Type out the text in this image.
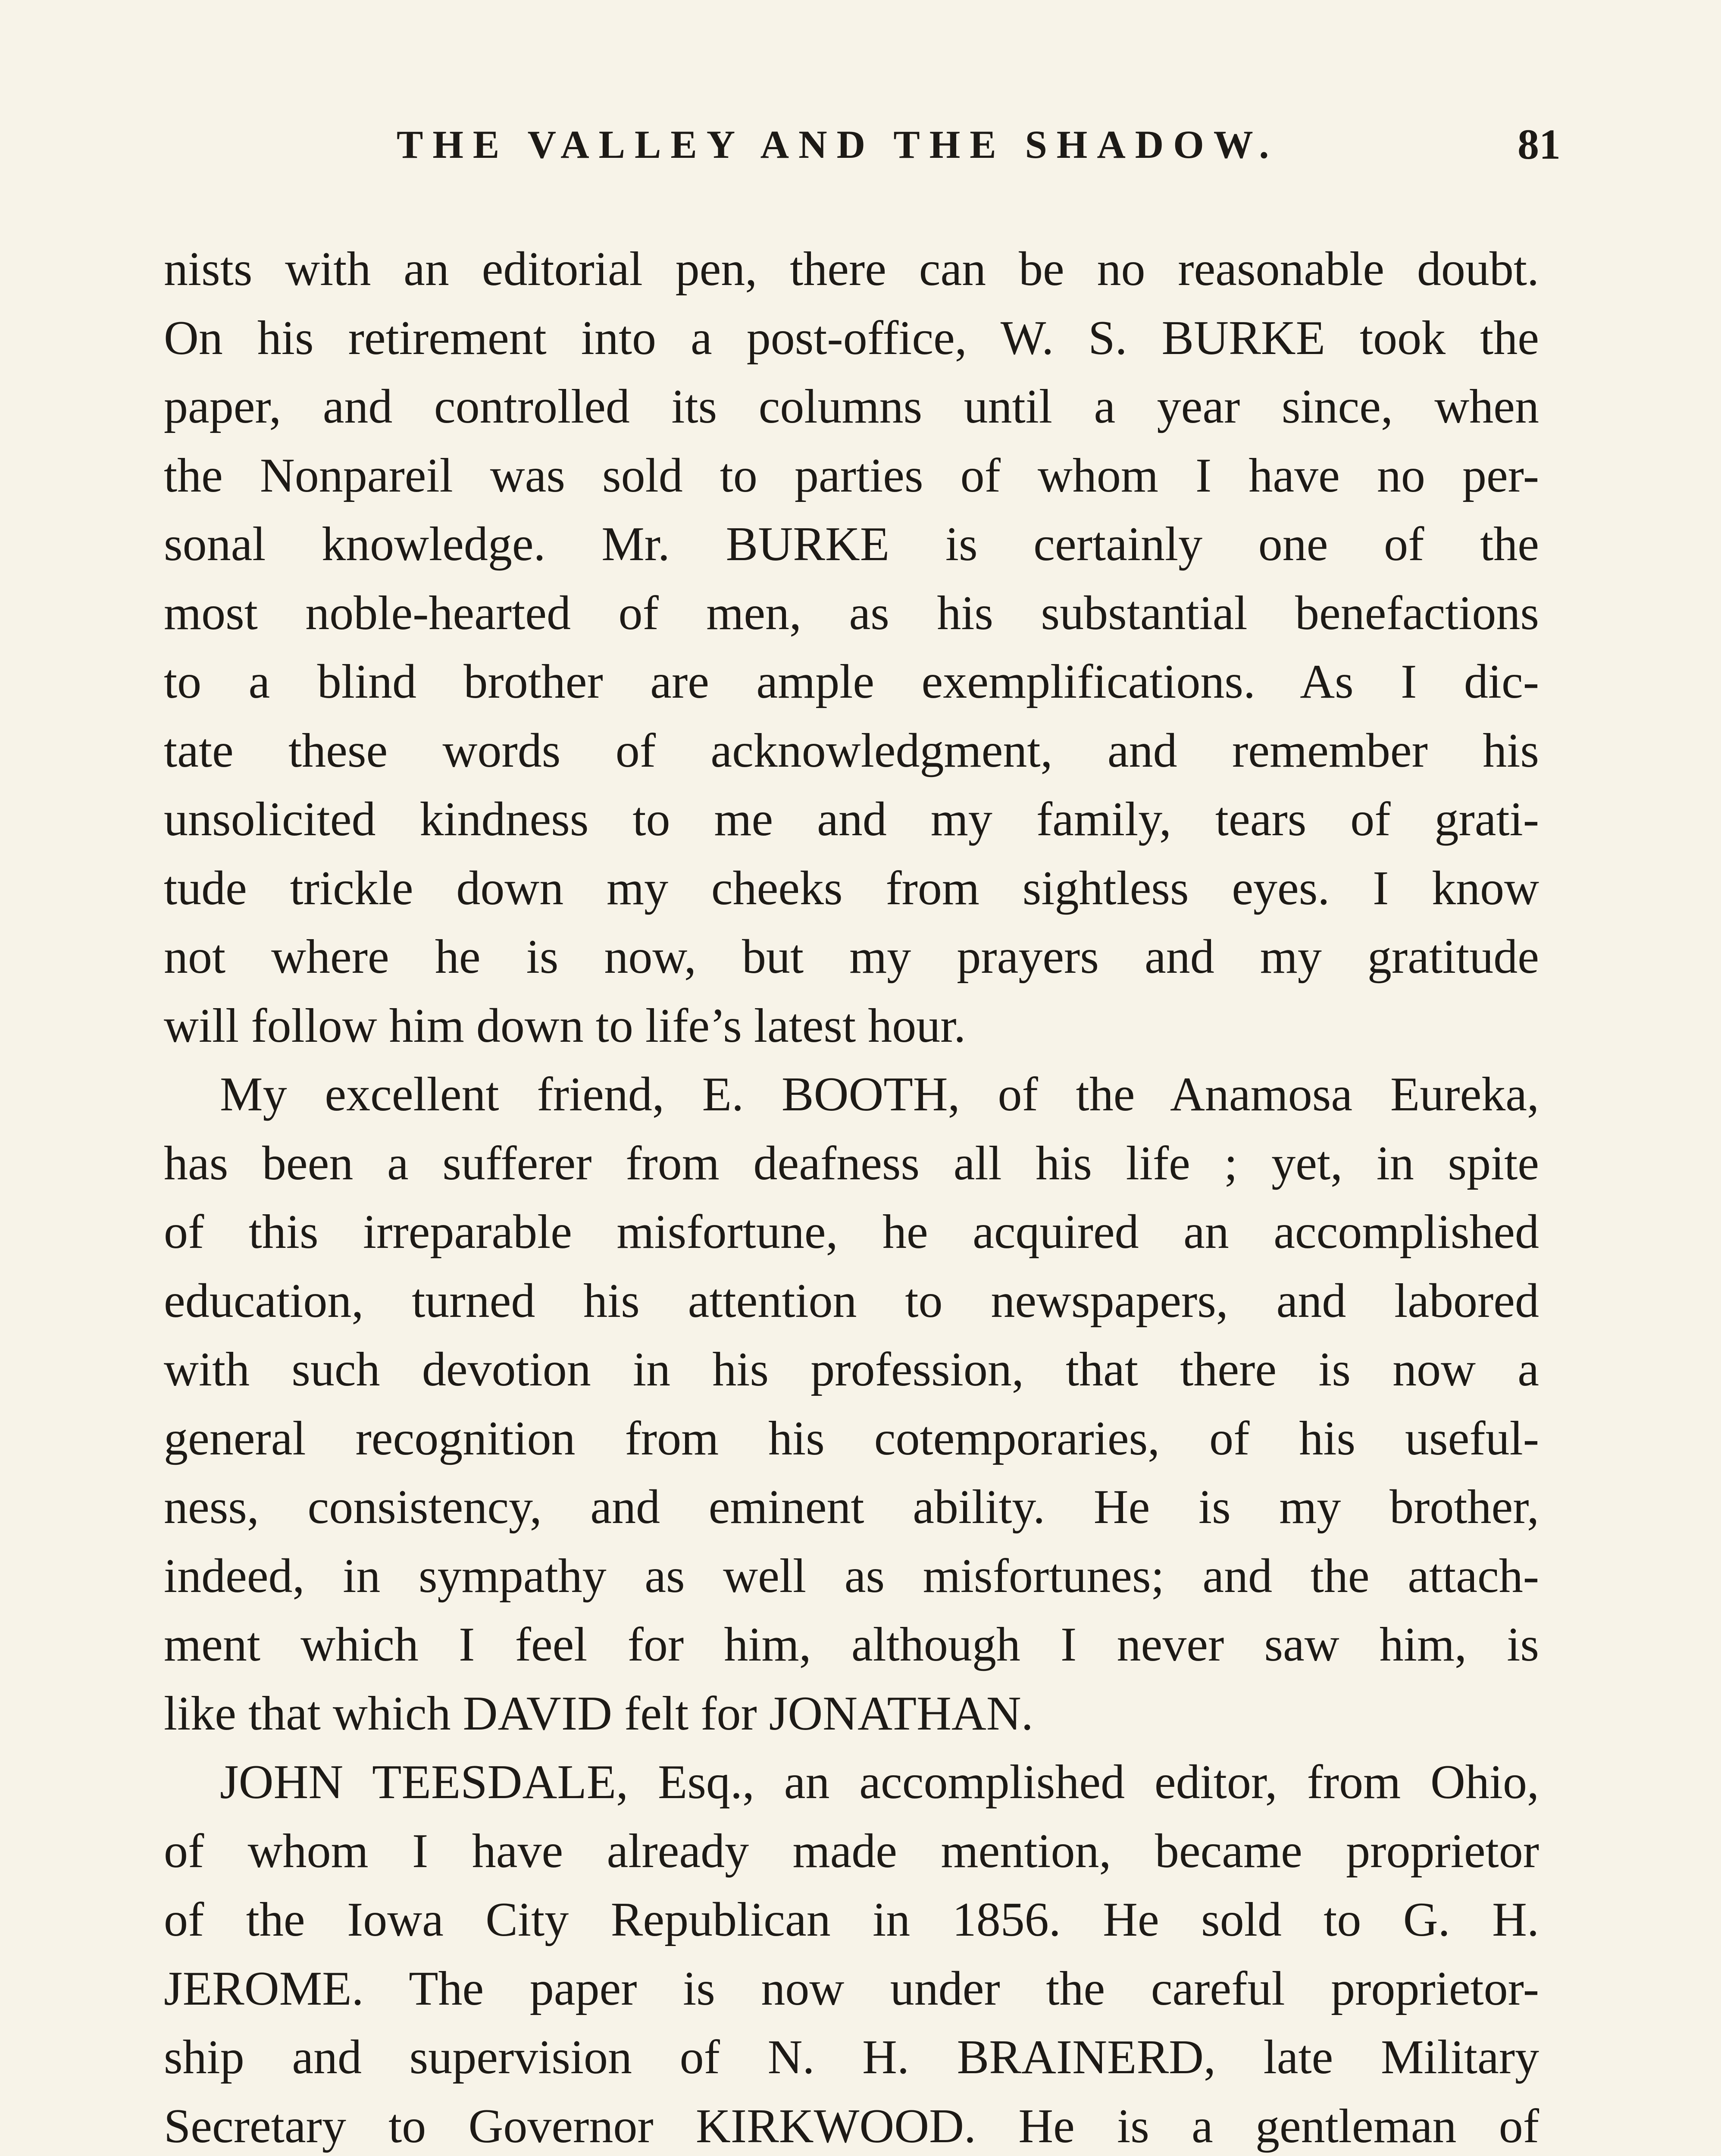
THE VALLEY AND THE SHADOW.	81
nists with an editorial pen, there can be no reasonable doubt.
On his retirement into a post-office, W. S. BURKE took the
paper, and controlled its columns until a year since, when
the Nonpareil was sold to parties of whom I have no per-
sonal knowledge. Mr. BURKE is certainly one of the
most noble-hearted of men, as his substantial benefactions
to a blind brother are ample exemplifications. As I dic-
tate these words of acknowledgment, and remember his
unsolicited kindness to me and my family, tears of grati-
tude trickle down my cheeks from sightless eyes. I know
not where he is now, but my prayers and my gratitude
will follow him down to life’s latest hour.
My excellent friend, E. BOOTH, of the Anamosa Eureka,
has been a sufferer from deafness all his life ; yet, in spite
of this irreparable misfortune, he acquired an accomplished
education, turned his attention to newspapers, and labored
with such devotion in his profession, that there is now a
general recognition from his cotemporaries, of his useful-
ness, consistency, and eminent ability. He is my brother,
indeed, in sympathy as well as misfortunes; and the attach-
ment which I feel for him, although I never saw him, is
like that which DAVID felt for JONATHAN.
JOHN TEESDALE, Esq., an accomplished editor, from Ohio,
of whom I have already made mention, became proprietor
of the Iowa City Republican in 1856. He sold to G. H.
JEROME. The paper is now under the careful proprietor-
ship and supervision of N. H. BRAINERD, late Military
Secretary to Governor KIRKWOOD. He is a gentleman of
